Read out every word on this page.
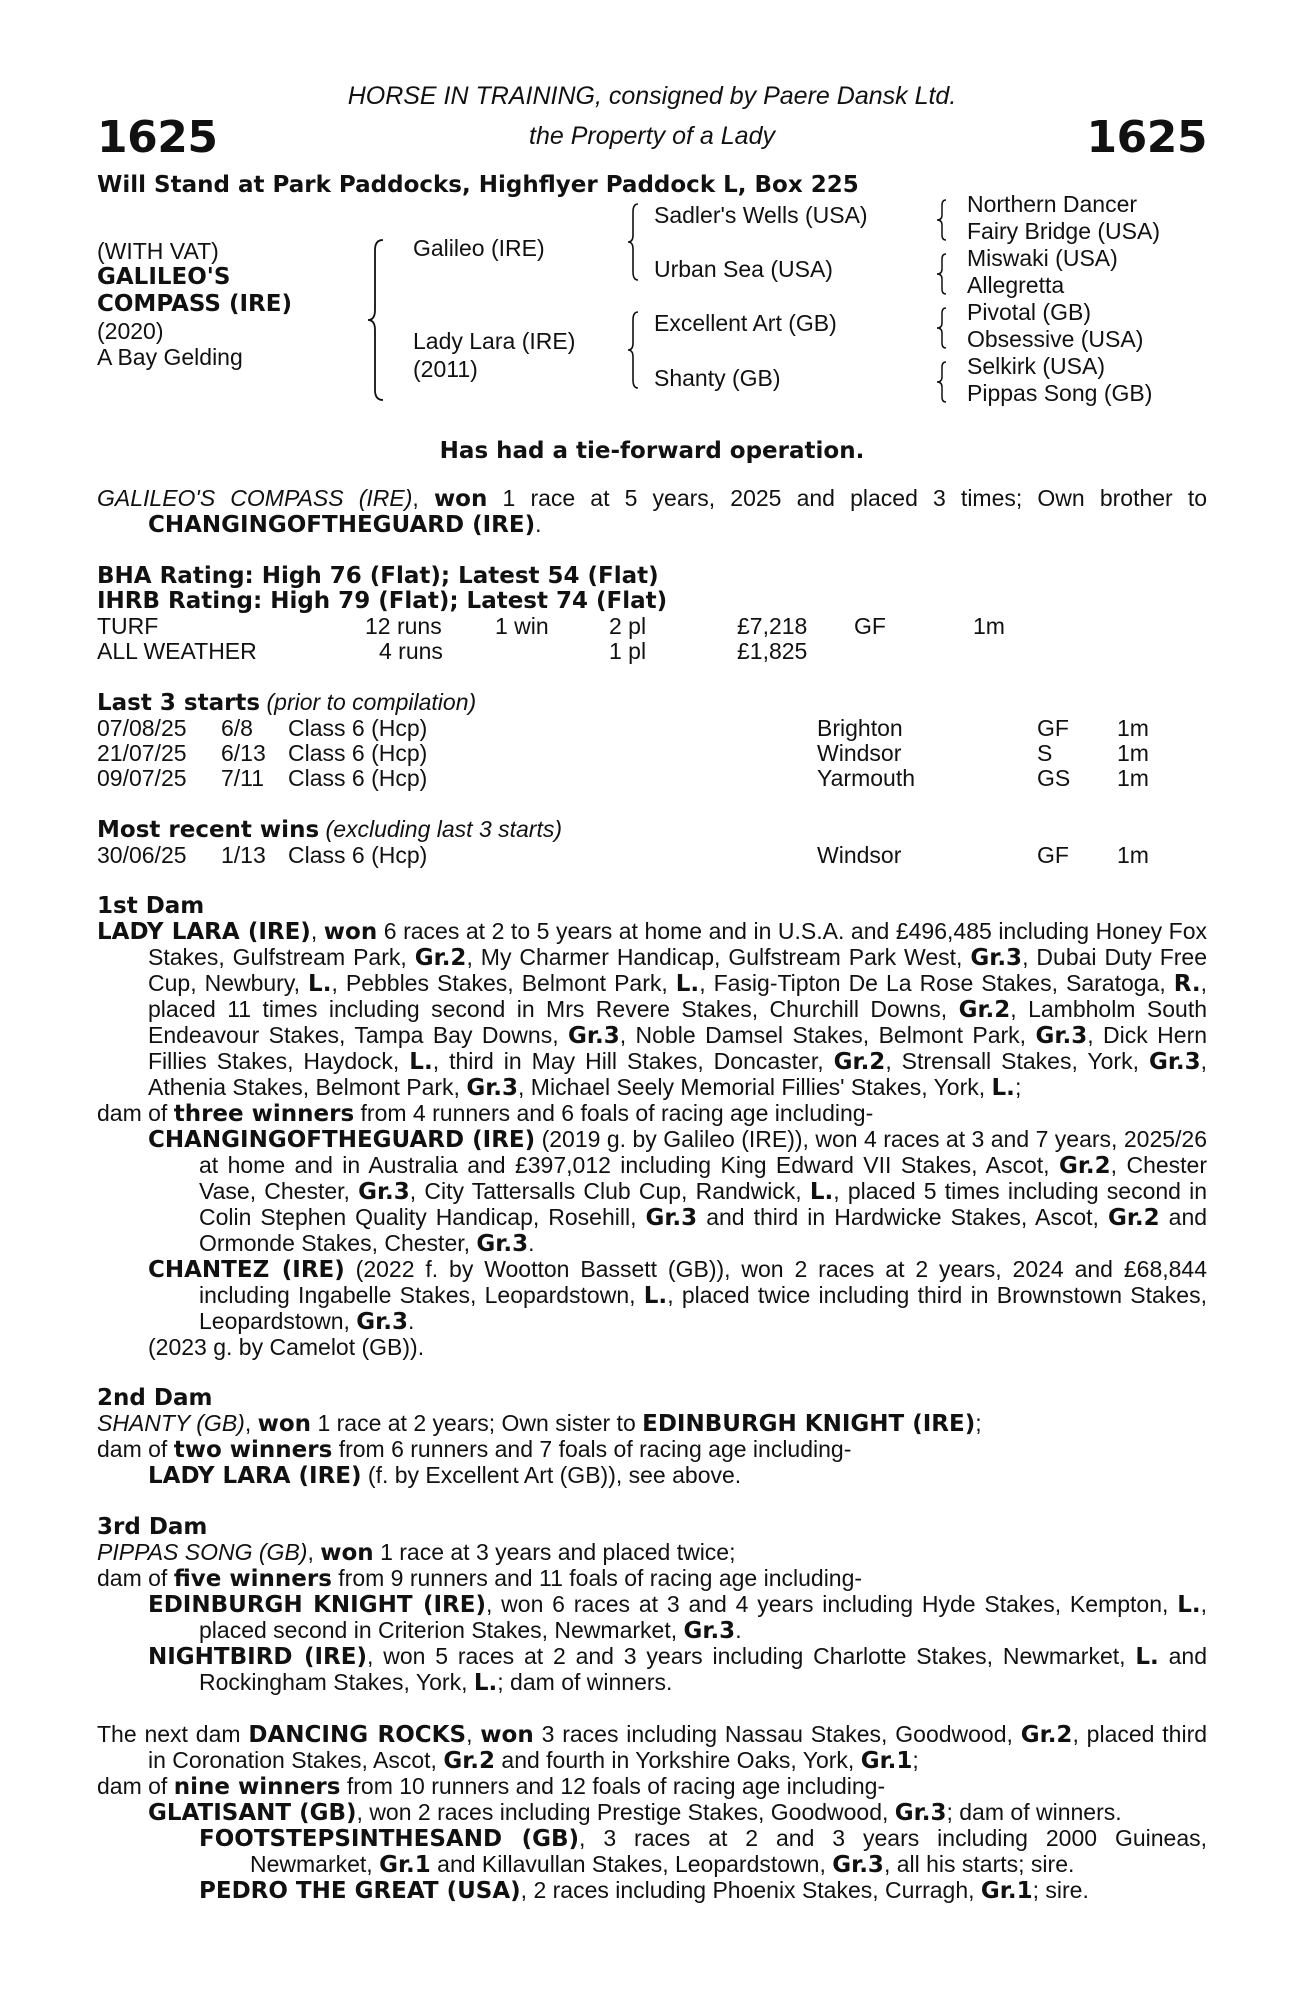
1625
HORSE IN TRAINING, consigned by Paere Dansk Ltd.
the Property of a Lady	1625
Will Stand at Park Paddocks, Highflyer Paddock L, Box 225
(WITH VAT)
GALILEO'S
COMPASS (IRE)
(2020)
A Bay Gelding
Galileo (IRE)
Lady Lara (IRE)
(2011)
Sadler's Wells (USA)
Urban Sea (USA)
Excellent Art (GB)
Shanty (GB)
Northern Dancer
Fairy Bridge (USA)
Miswaki (USA)
Allegretta
Pivotal (GB)
Obsessive (USA)
Selkirk (USA)
Pippas Song (GB)
Has had a tie-forward operation.
GALILEO'S COMPASS (IRE), won 1 race at 5 years, 2025 and placed 3 times; Own brother to CHANGINGOFTHEGUARD (IRE).
BHA Rating: High 76 (Flat); Latest 54 (Flat)
IHRB Rating: High 79 (Flat); Latest 74 (Flat)
TURF	12 runs 1 win	2 pl	£7,218 GF	1m
ALL WEATHER	4 runs	1 pl	£1,825
Last 3 starts (prior to compilation)
07/08/25 6/8 Class 6 (Hcp)	Brighton	GF 1m
21/07/25 6/13 Class 6 (Hcp)	Windsor	S	1m
09/07/25 7/11 Class 6 (Hcp)	Yarmouth	GS 1m
Most recent wins (excluding last 3 starts)
30/06/25 1/13 Class 6 (Hcp)	Windsor	GF 1m
1st Dam
LADY LARA (IRE), won 6 races at 2 to 5 years at home and in U.S.A. and £496,485 including Honey Fox Stakes, Gulfstream Park, Gr.2, My Charmer Handicap, Gulfstream Park West, Gr.3, Dubai Duty Free Cup, Newbury, L., Pebbles Stakes, Belmont Park, L., Fasig-Tipton De La Rose Stakes, Saratoga, R., placed 11 times including second in Mrs Revere Stakes, Churchill Downs, Gr.2, Lambholm South Endeavour Stakes, Tampa Bay Downs, Gr.3, Noble Damsel Stakes, Belmont Park, Gr.3, Dick Hern Fillies Stakes, Haydock, L., third in May Hill Stakes, Doncaster, Gr.2, Strensall Stakes, York, Gr.3, Athenia Stakes, Belmont Park, Gr.3, Michael Seely Memorial Fillies' Stakes, York, L.;
dam of three winners from 4 runners and 6 foals of racing age including-
CHANGINGOFTHEGUARD (IRE) (2019 g. by Galileo (IRE)), won 4 races at 3 and 7 years, 2025/26 at home and in Australia and £397,012 including King Edward VII Stakes, Ascot, Gr.2, Chester Vase, Chester, Gr.3, City Tattersalls Club Cup, Randwick, L., placed 5 times including second in Colin Stephen Quality Handicap, Rosehill, Gr.3 and third in Hardwicke Stakes, Ascot, Gr.2 and Ormonde Stakes, Chester, Gr.3.
CHANTEZ (IRE) (2022 f. by Wootton Bassett (GB)), won 2 races at 2 years, 2024 and £68,844 including Ingabelle Stakes, Leopardstown, L., placed twice including third in Brownstown Stakes, Leopardstown, Gr.3.
(2023 g. by Camelot (GB)).
2nd Dam
SHANTY (GB), won 1 race at 2 years; Own sister to EDINBURGH KNIGHT (IRE);
dam of two winners from 6 runners and 7 foals of racing age including-
LADY LARA (IRE) (f. by Excellent Art (GB)), see above.
3rd Dam
PIPPAS SONG (GB), won 1 race at 3 years and placed twice;
dam of five winners from 9 runners and 11 foals of racing age including-
EDINBURGH KNIGHT (IRE), won 6 races at 3 and 4 years including Hyde Stakes, Kempton, L., placed second in Criterion Stakes, Newmarket, Gr.3.
NIGHTBIRD (IRE), won 5 races at 2 and 3 years including Charlotte Stakes, Newmarket, L. and Rockingham Stakes, York, L.; dam of winners.
The next dam DANCING ROCKS, won 3 races including Nassau Stakes, Goodwood, Gr.2, placed third in Coronation Stakes, Ascot, Gr.2 and fourth in Yorkshire Oaks, York, Gr.1;
dam of nine winners from 10 runners and 12 foals of racing age including-
GLATISANT (GB), won 2 races including Prestige Stakes, Goodwood, Gr.3; dam of winners.
FOOTSTEPSINTHESAND (GB), 3 races at 2 and 3 years including 2000 Guineas, Newmarket, Gr.1 and Killavullan Stakes, Leopardstown, Gr.3, all his starts; sire.
PEDRO THE GREAT (USA), 2 races including Phoenix Stakes, Curragh, Gr.1; sire.
